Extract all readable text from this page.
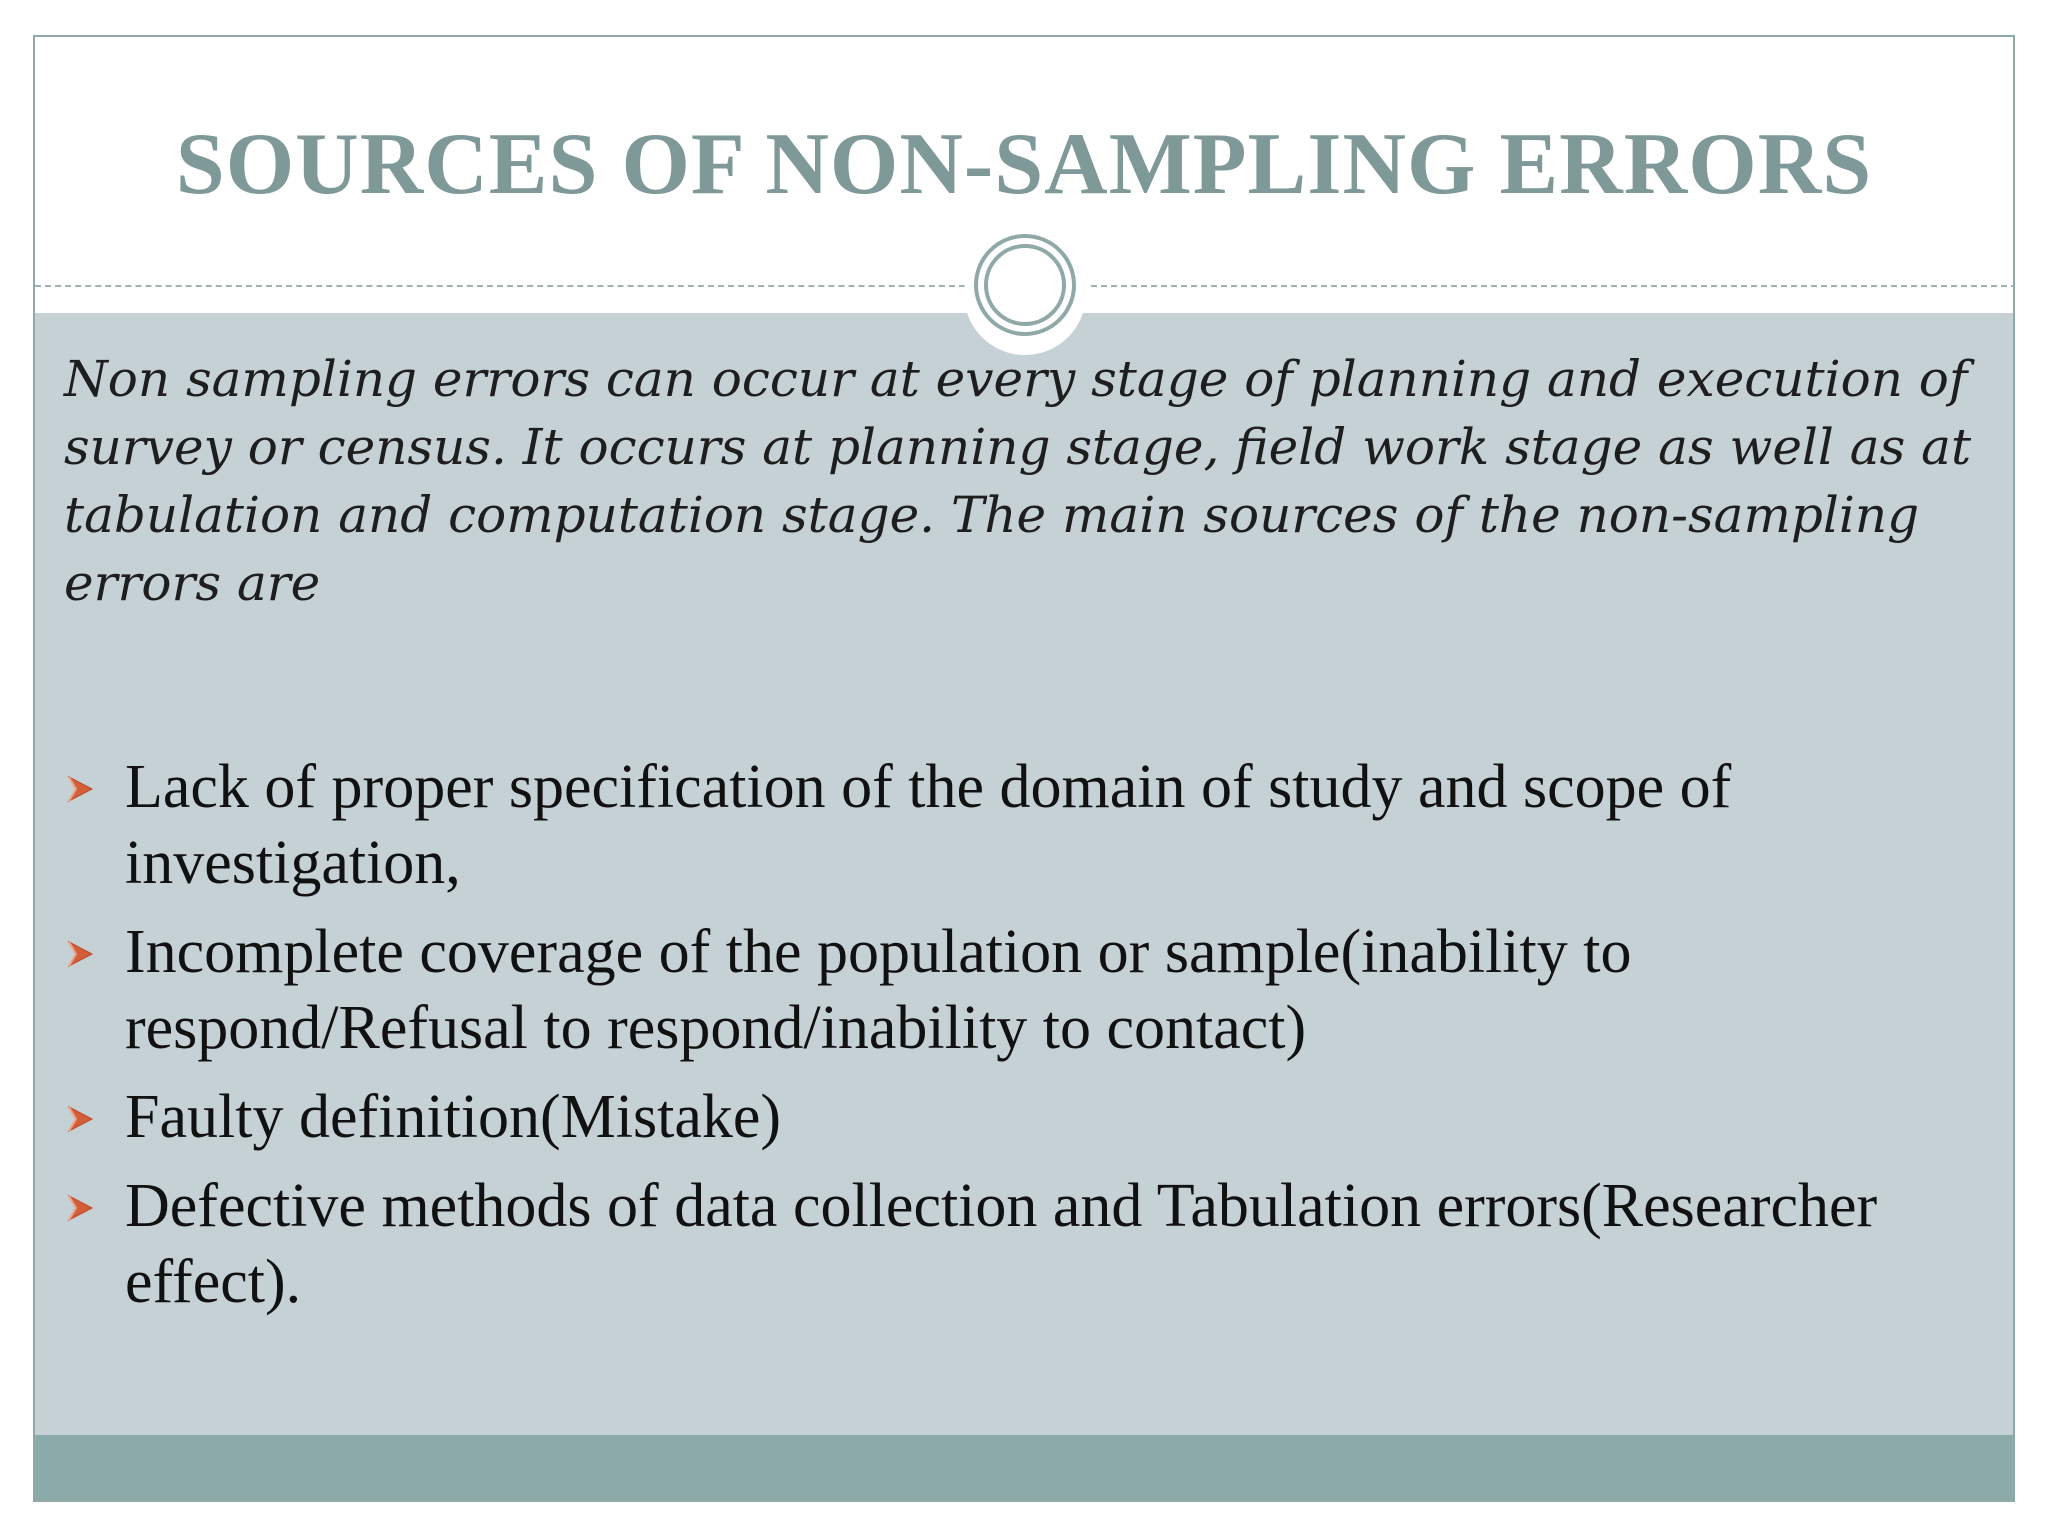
SOURCES OF NON-SAMPLING ERRORS

Non sampling errors can occur at every stage of planning and execution of survey or census. It occurs at planning stage, field work stage as well as at tabulation and computation stage. The main sources of the non-sampling errors are

Lack of proper specification of the domain of study and scope of investigation,
Incomplete coverage of the population or sample(inability to respond/Refusal to respond/inability to contact)
Faulty definition(Mistake)
Defective methods of data collection and Tabulation errors(Researcher effect).
